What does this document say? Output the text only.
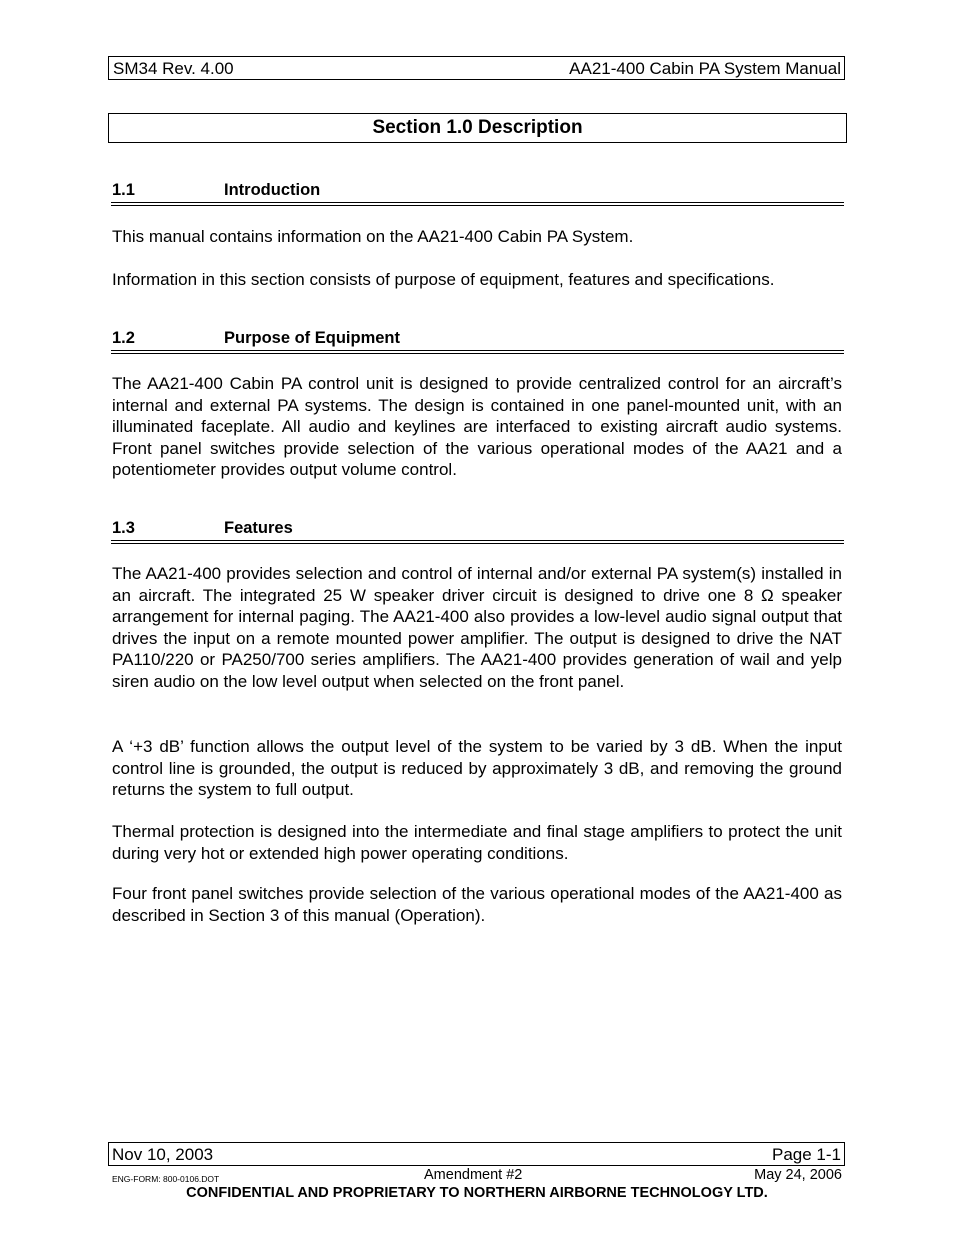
SM34 Rev. 4.00	AA21-400 Cabin PA System Manual
Section 1.0 Description
1.1	Introduction

This manual contains information on the AA21-400 Cabin PA System.

Information in this section consists of purpose of equipment, features and specifications.

1.2	Purpose of Equipment

The AA21-400 Cabin PA control unit is designed to provide centralized control for an aircraft’s internal and external PA systems. The design is contained in one panel-mounted unit, with an illuminated faceplate. All audio and keylines are interfaced to existing aircraft audio systems. Front panel switches provide selection of the various operational modes of the AA21 and a potentiometer provides output volume control.

1.3	Features

The AA21-400 provides selection and control of internal and/or external PA system(s) installed in an aircraft. The integrated 25 W speaker driver circuit is designed to drive one 8 Ω speaker arrangement for internal paging. The AA21-400 also provides a low-level audio signal output that drives the input on a remote mounted power amplifier. The output is designed to drive the NAT PA110/220 or PA250/700 series amplifiers. The AA21-400 provides generation of wail and yelp siren audio on the low level output when selected on the front panel.

A ‘+3 dB’ function allows the output level of the system to be varied by 3 dB. When the input control line is grounded, the output is reduced by approximately 3 dB, and removing the ground returns the system to full output.

Thermal protection is designed into the intermediate and final stage amplifiers to protect the unit during very hot or extended high power operating conditions.

Four front panel switches provide selection of the various operational modes of the AA21-400 as described in Section 3 of this manual (Operation).

Nov 10, 2003	Page 1-1
ENG-FORM: 800-0106.DOT	Amendment #2	May 24, 2006
CONFIDENTIAL AND PROPRIETARY TO NORTHERN AIRBORNE TECHNOLOGY LTD.
